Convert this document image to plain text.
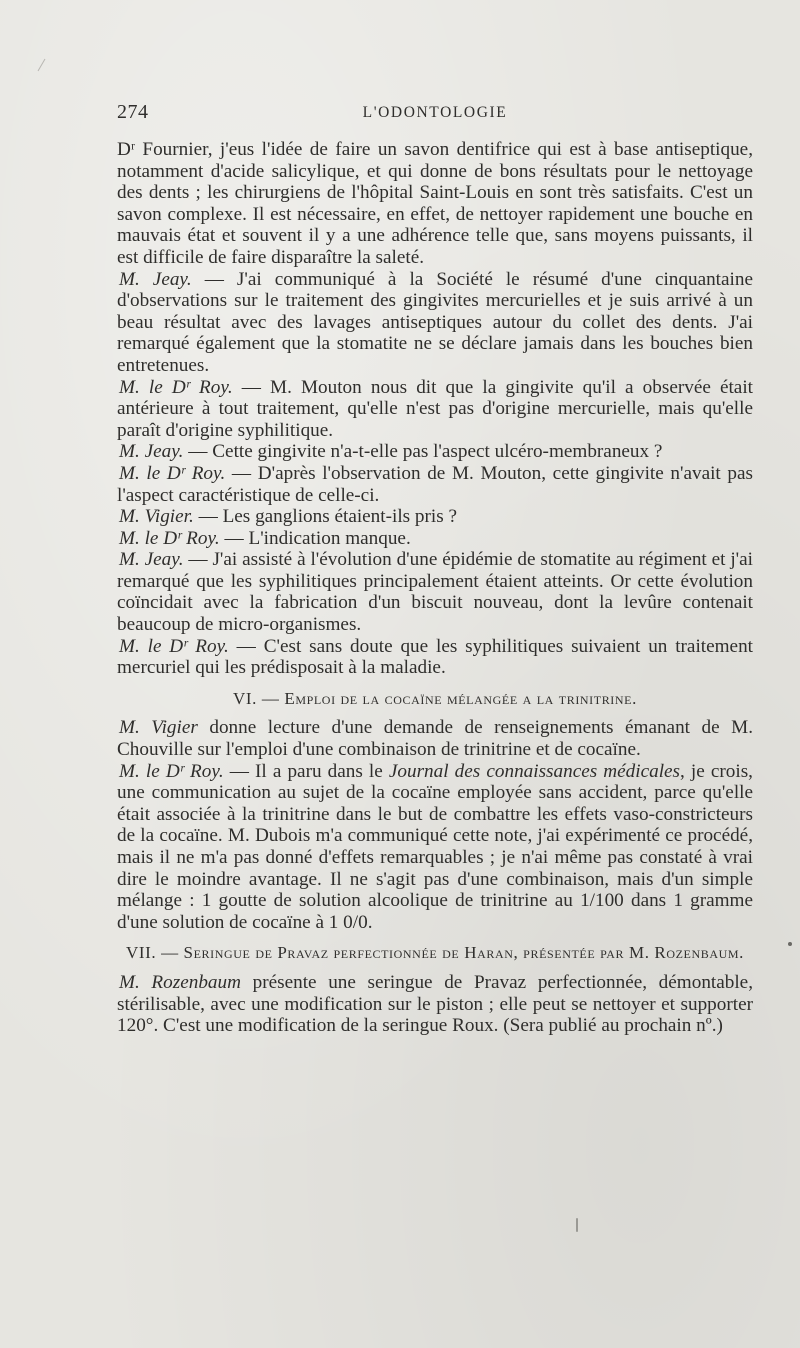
274	L'ODONTOLOGIE

Dʳ Fournier, j'eus l'idée de faire un savon dentifrice qui est à base antiseptique, notamment d'acide salicylique, et qui donne de bons résultats pour le nettoyage des dents ; les chirurgiens de l'hôpital Saint-Louis en sont très satisfaits. C'est un savon complexe. Il est nécessaire, en effet, de nettoyer rapidement une bouche en mauvais état et souvent il y a une adhérence telle que, sans moyens puissants, il est difficile de faire disparaître la saleté.

M. Jeay. — J'ai communiqué à la Société le résumé d'une cinquantaine d'observations sur le traitement des gingivites mercurielles et je suis arrivé à un beau résultat avec des lavages antiseptiques autour du collet des dents. J'ai remarqué également que la stomatite ne se déclare jamais dans les bouches bien entretenues.

M. le Dʳ Roy. — M. Mouton nous dit que la gingivite qu'il a observée était antérieure à tout traitement, qu'elle n'est pas d'origine mercurielle, mais qu'elle paraît d'origine syphilitique.

M. Jeay. — Cette gingivite n'a-t-elle pas l'aspect ulcéro-membraneux ?

M. le Dʳ Roy. — D'après l'observation de M. Mouton, cette gingivite n'avait pas l'aspect caractéristique de celle-ci.

M. Vigier. — Les ganglions étaient-ils pris ?

M. le Dʳ Roy. — L'indication manque.

M. Jeay. — J'ai assisté à l'évolution d'une épidémie de stomatite au régiment et j'ai remarqué que les syphilitiques principalement étaient atteints. Or cette évolution coïncidait avec la fabrication d'un biscuit nouveau, dont la levûre contenait beaucoup de micro-organismes.

M. le Dʳ Roy. — C'est sans doute que les syphilitiques suivaient un traitement mercuriel qui les prédisposait à la maladie.

VI. — Emploi de la cocaïne mélangée a la trinitrine.

M. Vigier donne lecture d'une demande de renseignements émanant de M. Chouville sur l'emploi d'une combinaison de trinitrine et de cocaïne.

M. le Dʳ Roy. — Il a paru dans le Journal des connaissances médicales, je crois, une communication au sujet de la cocaïne employée sans accident, parce qu'elle était associée à la trinitrine dans le but de combattre les effets vaso-constricteurs de la cocaïne. M. Dubois m'a communiqué cette note, j'ai expérimenté ce procédé, mais il ne m'a pas donné d'effets remarquables ; je n'ai même pas constaté à vrai dire le moindre avantage. Il ne s'agit pas d'une combinaison, mais d'un simple mélange : 1 goutte de solution alcoolique de trinitrine au 1/100 dans 1 gramme d'une solution de cocaïne à 1 0/0.

VII. — Seringue de Pravaz perfectionnée de Haran, présentée par M. Rozenbaum.

M. Rozenbaum présente une seringue de Pravaz perfectionnée, démontable, stérilisable, avec une modification sur le piston ; elle peut se nettoyer et supporter 120°. C'est une modification de la seringue Roux. (Sera publié au prochain nº.)
